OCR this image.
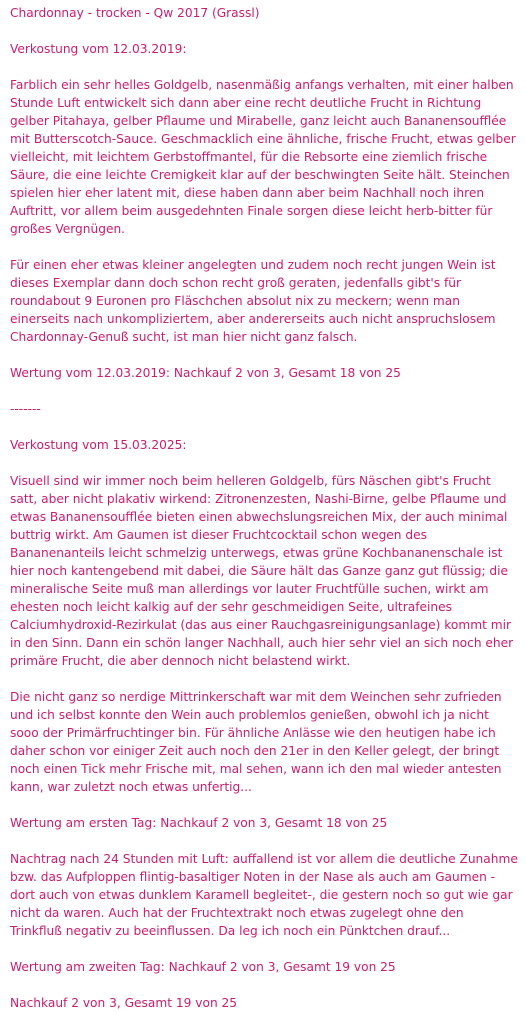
Chardonnay - trocken - Qw 2017 (Grassl)

Verkostung vom 12.03.2019:

Farblich ein sehr helles Goldgelb, nasenmäßig anfangs verhalten, mit einer halben Stunde Luft entwickelt sich dann aber eine recht deutliche Frucht in Richtung gelber Pitahaya, gelber Pflaume und Mirabelle, ganz leicht auch Bananensoufflée mit Butterscotch-Sauce. Geschmacklich eine ähnliche, frische Frucht, etwas gelber vielleicht, mit leichtem Gerbstoffmantel, für die Rebsorte eine ziemlich frische Säure, die eine leichte Cremigkeit klar auf der beschwingten Seite hält. Steinchen spielen hier eher latent mit, diese haben dann aber beim Nachhall noch ihren Auftritt, vor allem beim ausgedehnten Finale sorgen diese leicht herb-bitter für großes Vergnügen.

Für einen eher etwas kleiner angelegten und zudem noch recht jungen Wein ist dieses Exemplar dann doch schon recht groß geraten, jedenfalls gibt's für roundabout 9 Euronen pro Fläschchen absolut nix zu meckern; wenn man einerseits nach unkompliziertem, aber andererseits auch nicht anspruchslosem Chardonnay-Genuß sucht, ist man hier nicht ganz falsch.

Wertung vom 12.03.2019: Nachkauf 2 von 3, Gesamt 18 von 25

-------

Verkostung vom 15.03.2025:

Visuell sind wir immer noch beim helleren Goldgelb, fürs Näschen gibt's Frucht satt, aber nicht plakativ wirkend: Zitronenzesten, Nashi-Birne, gelbe Pflaume und etwas Bananensoufflée bieten einen abwechslungsreichen Mix, der auch minimal buttrig wirkt. Am Gaumen ist dieser Fruchtcocktail schon wegen des Bananenanteils leicht schmelzig unterwegs, etwas grüne Kochbananenschale ist hier noch kantengebend mit dabei, die Säure hält das Ganze ganz gut flüssig; die mineralische Seite muß man allerdings vor lauter Fruchtfülle suchen, wirkt am ehesten noch leicht kalkig auf der sehr geschmeidigen Seite, ultrafeines Calciumhydroxid-Rezirkulat (das aus einer Rauchgasreinigungsanlage) kommt mir in den Sinn. Dann ein schön langer Nachhall, auch hier sehr viel an sich noch eher primäre Frucht, die aber dennoch nicht belastend wirkt.

Die nicht ganz so nerdige Mittrinkerschaft war mit dem Weinchen sehr zufrieden und ich selbst konnte den Wein auch problemlos genießen, obwohl ich ja nicht sooo der Primärfruchtinger bin. Für ähnliche Anlässe wie den heutigen habe ich daher schon vor einiger Zeit auch noch den 21er in den Keller gelegt, der bringt noch einen Tick mehr Frische mit, mal sehen, wann ich den mal wieder antesten kann, war zuletzt noch etwas unfertig...

Wertung am ersten Tag: Nachkauf 2 von 3, Gesamt 18 von 25

Nachtrag nach 24 Stunden mit Luft: auffallend ist vor allem die deutliche Zunahme bzw. das Aufploppen flintig-basaltiger Noten in der Nase als auch am Gaumen -dort auch von etwas dunklem Karamell begleitet-, die gestern noch so gut wie gar nicht da waren. Auch hat der Fruchtextrakt noch etwas zugelegt ohne den Trinkfluß negativ zu beeinflussen. Da leg ich noch ein Pünktchen drauf...

Wertung am zweiten Tag: Nachkauf 2 von 3, Gesamt 19 von 25

Nachkauf 2 von 3, Gesamt 19 von 25
